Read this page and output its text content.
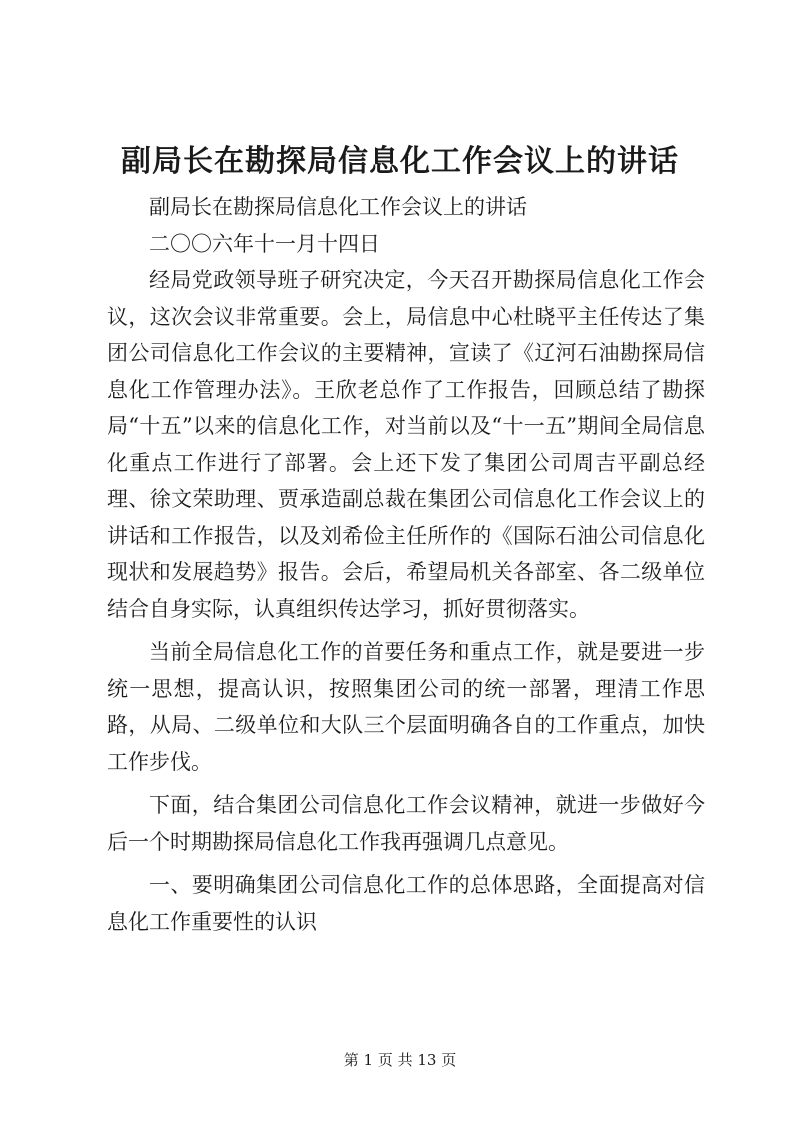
副局长在勘探局信息化工作会议上的讲话

副局长在勘探局信息化工作会议上的讲话

二〇〇六年十一月十四日

经局党政领导班子研究决定，今天召开勘探局信息化工作会议，这次会议非常重要。会上，局信息中心杜晓平主任传达了集团公司信息化工作会议的主要精神，宣读了《辽河石油勘探局信息化工作管理办法》。王欣老总作了工作报告，回顾总结了勘探局“十五”以来的信息化工作，对当前以及“十一五”期间全局信息化重点工作进行了部署。会上还下发了集团公司周吉平副总经理、徐文荣助理、贾承造副总裁在集团公司信息化工作会议上的讲话和工作报告，以及刘希俭主任所作的《国际石油公司信息化现状和发展趋势》报告。会后，希望局机关各部室、各二级单位结合自身实际，认真组织传达学习，抓好贯彻落实。

当前全局信息化工作的首要任务和重点工作，就是要进一步统一思想，提高认识，按照集团公司的统一部署，理清工作思路，从局、二级单位和大队三个层面明确各自的工作重点，加快工作步伐。

下面，结合集团公司信息化工作会议精神，就进一步做好今后一个时期勘探局信息化工作我再强调几点意见。

一、要明确集团公司信息化工作的总体思路，全面提高对信息化工作重要性的认识

第 1 页 共 13 页
